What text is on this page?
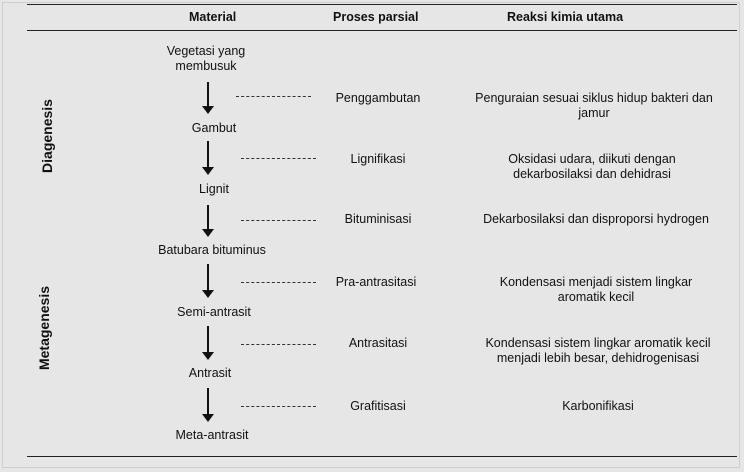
Material	Proses parsial	Reaksi kimia utama
Diagenesis
Metagenesis
Vegetasi yang
membusuk
Gambut
Lignit
Batubara bituminus
Semi-antrasit
Antrasit
Meta-antrasit
Penggambutan
Lignifikasi
Bituminisasi
Pra-antrasitasi
Antrasitasi
Grafitisasi
Penguraian sesuai siklus hidup bakteri dan
jamur
Oksidasi udara, diikuti dengan
dekarbosilaksi dan dehidrasi
Dekarbosilaksi dan disproporsi hydrogen
Kondensasi menjadi sistem lingkar
aromatik kecil
Kondensasi sistem lingkar aromatik kecil
menjadi lebih besar, dehidrogenisasi
Karbonifikasi
